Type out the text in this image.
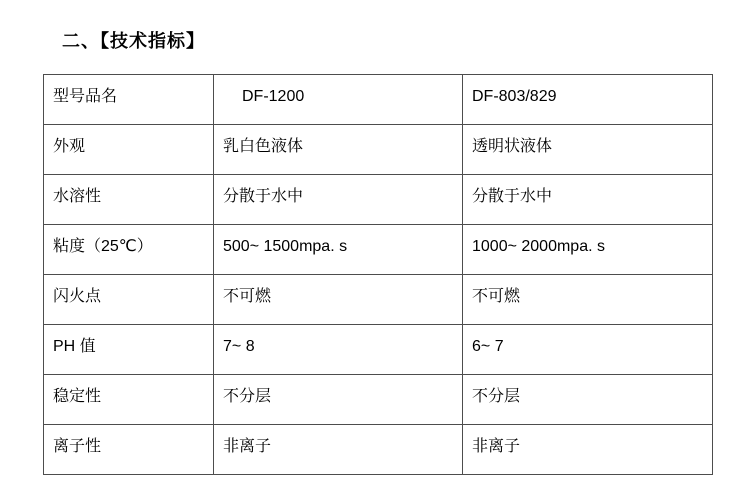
二、【技术指标】
型号品名	DF-1200	DF-803/829
外观	乳白色液体	透明状液体
水溶性	分散于水中	分散于水中
粘度（25℃）	500~ 1500mpa. s	1000~ 2000mpa. s
闪火点	不可燃	不可燃
PH 值	7~ 8	6~ 7
稳定性	不分层	不分层
离子性	非离子	非离子
